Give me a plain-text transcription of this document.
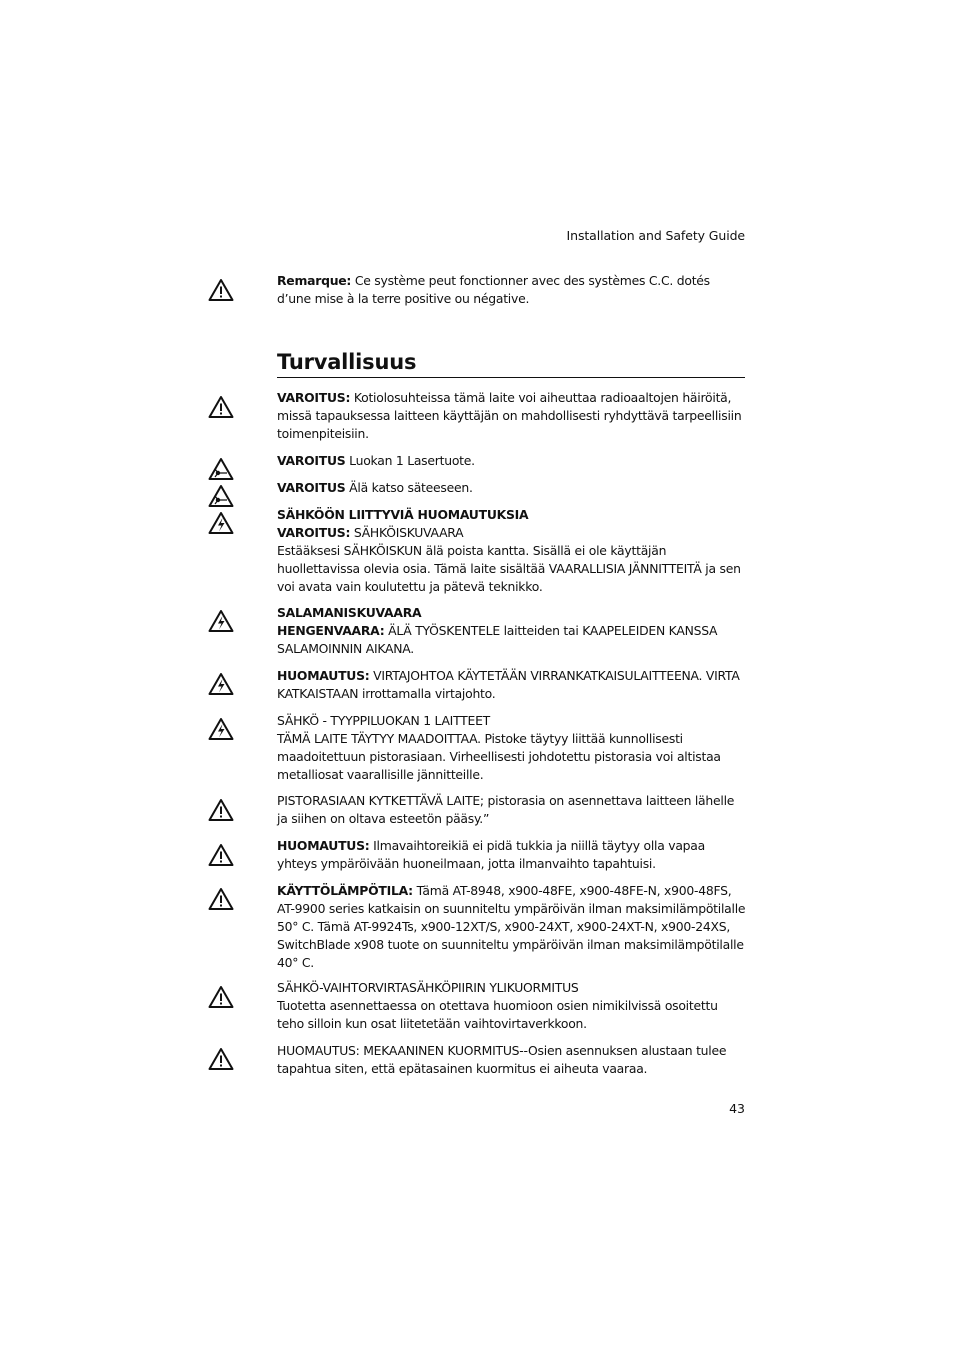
Installation and Safety Guide

Remarque: Ce système peut fonctionner avec des systèmes C.C. dotés d’une mise à la terre positive ou négative.

Turvallisuus

VAROITUS: Kotiolosuhteissa tämä laite voi aiheuttaa radioaaltojen häiröitä, missä tapauksessa laitteen käyttäjän on mahdollisesti ryhdyttävä tarpeellisiin toimenpiteisiin.

VAROITUS Luokan 1 Lasertuote.

VAROITUS Älä katso säteeseen.

SÄHKÖÖN LIITTYVIÄ HUOMAUTUKSIA

VAROITUS: SÄHKÖISKUVAARA

Estääksesi SÄHKÖISKUN älä poista kantta. Sisällä ei ole käyttäjän huollettavissa olevia osia. Tämä laite sisältää VAARALLISIA JÄNNITTEITÄ ja sen voi avata vain koulutettu ja pätevä teknikko.

SALAMANISKUVAARA

HENGENVAARA: ÄLÄ TYÖSKENTELE laitteiden tai KAAPELEIDEN KANSSA SALAMOINNIN AIKANA.

HUOMAUTUS: VIRTAJOHTOA KÄYTETÄÄN VIRRANKATKAISULAITTEENA. VIRTA KATKAISTAAN irrottamalla virtajohto.

SÄHKÖ - TYYPPILUOKAN 1 LAITTEET

TÄMÄ LAITE TÄYTYY MAADOITTAA. Pistoke täytyy liittää kunnollisesti maadoitettuun pistorasiaan. Virheellisesti johdotettu pistorasia voi altistaa metalliosat vaarallisille jännitteille.

PISTORASIAAN KYTKETTÄVÄ LAITE; pistorasia on asennettava laitteen lähelle ja siihen on oltava esteetön pääsy.”

HUOMAUTUS: Ilmavaihtoreikiä ei pidä tukkia ja niillä täytyy olla vapaa yhteys ympäröivään huoneilmaan, jotta ilmanvaihto tapahtuisi.

KÄYTTÖLÄMPÖTILA: Tämä AT-8948, x900-48FE, x900-48FE-N, x900-48FS, AT-9900 series katkaisin on suunniteltu ympäröivän ilman maksimilämpötilalle 50° C. Tämä AT-9924Ts, x900-12XT/S, x900-24XT, x900-24XT-N, x900-24XS, SwitchBlade x908 tuote on suunniteltu ympäröivän ilman maksimilämpötilalle 40° C.

SÄHKÖ-VAIHTORVIRTASÄHKÖPIIRIN YLIKUORMITUS

Tuotetta asennettaessa on otettava huomioon osien nimikilvissä osoitettu teho silloin kun osat liitetetään vaihtovirtaverkkoon.

HUOMAUTUS: MEKAANINEN KUORMITUS--Osien asennuksen alustaan tulee tapahtua siten, että epätasainen kuormitus ei aiheuta vaaraa.

43
